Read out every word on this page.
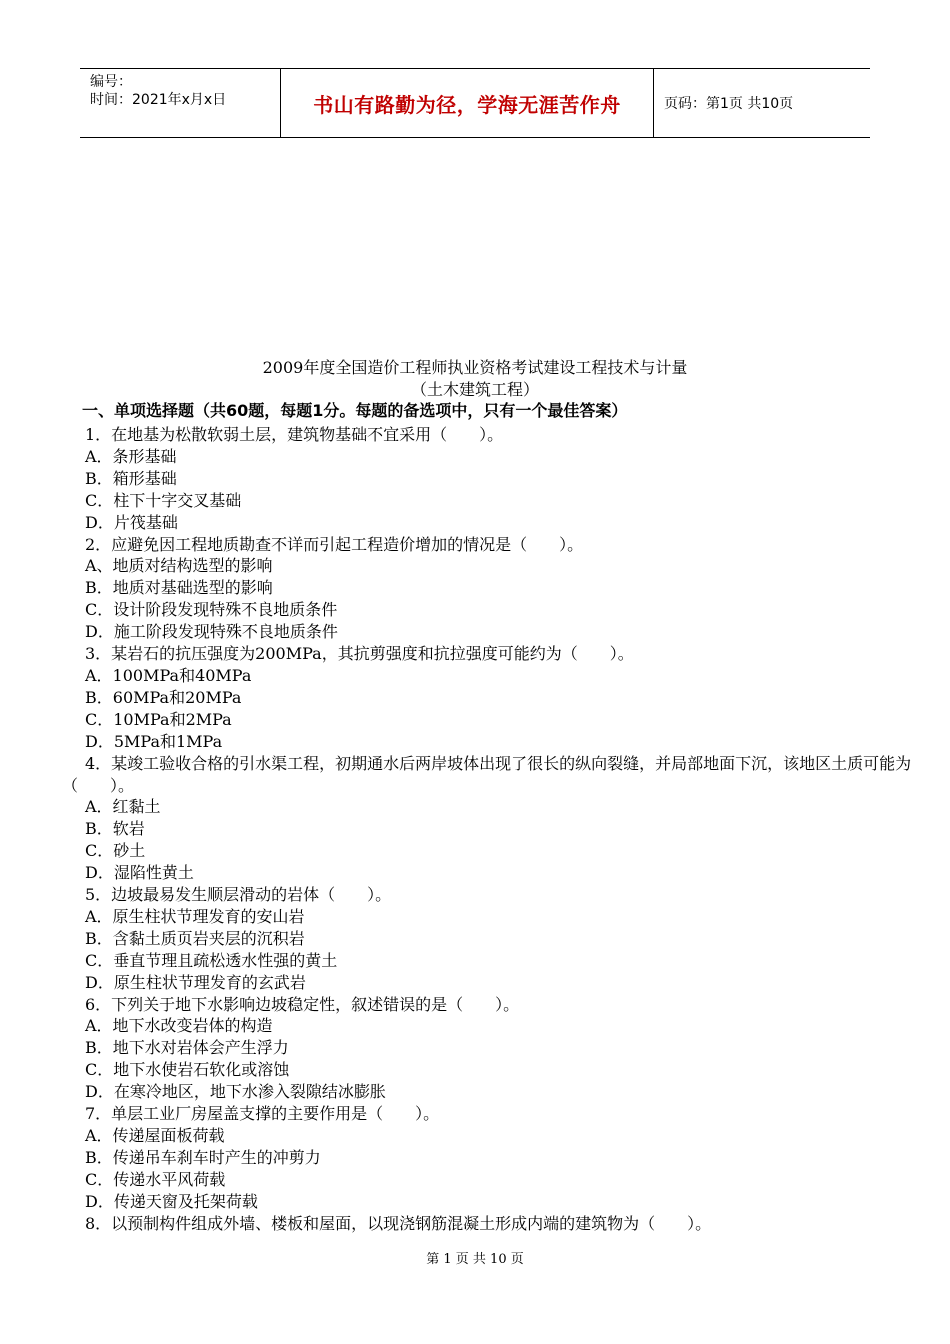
编号：
时间：2021年x月x日	书山有路勤为径，学海无涯苦作舟	页码：第1页 共10页
2009年度全国造价工程师执业资格考试建设工程技术与计量
（土木建筑工程）
一、单项选择题（共60题，每题1分。每题的备选项中，只有一个最佳答案）
1．在地基为松散软弱土层，建筑物基础不宜采用（　　）。
A．条形基础
B．箱形基础
C．柱下十字交叉基础
D．片筏基础
2．应避免因工程地质勘查不详而引起工程造价增加的情况是（　　）。
A、地质对结构选型的影响
B．地质对基础选型的影响
C．设计阶段发现特殊不良地质条件
D．施工阶段发现特殊不良地质条件
3．某岩石的抗压强度为200MPa，其抗剪强度和抗拉强度可能约为（　　）。
A．100MPa和40MPa
B．60MPa和20MPa
C．10MPa和2MPa
D．5MPa和1MPa
4．某竣工验收合格的引水渠工程，初期通水后两岸坡体出现了很长的纵向裂缝，并局部地面下沉，该地区土质可能为（　　）。
A．红黏土
B．软岩
C．砂土
D．湿陷性黄土
5．边坡最易发生顺层滑动的岩体（　　）。
A．原生柱状节理发育的安山岩
B．含黏土质页岩夹层的沉积岩
C．垂直节理且疏松透水性强的黄土
D．原生柱状节理发育的玄武岩
6．下列关于地下水影响边坡稳定性，叙述错误的是（　　）。
A．地下水改变岩体的构造
B．地下水对岩体会产生浮力
C．地下水使岩石软化或溶蚀
D．在寒冷地区，地下水渗入裂隙结冰膨胀
7．单层工业厂房屋盖支撑的主要作用是（　　）。
A．传递屋面板荷载
B．传递吊车刹车时产生的冲剪力
C．传递水平风荷载
D．传递天窗及托架荷载
8．以预制构件组成外墙、楼板和屋面，以现浇钢筋混凝土形成内端的建筑物为（　　）。
第 1 页 共 10 页
